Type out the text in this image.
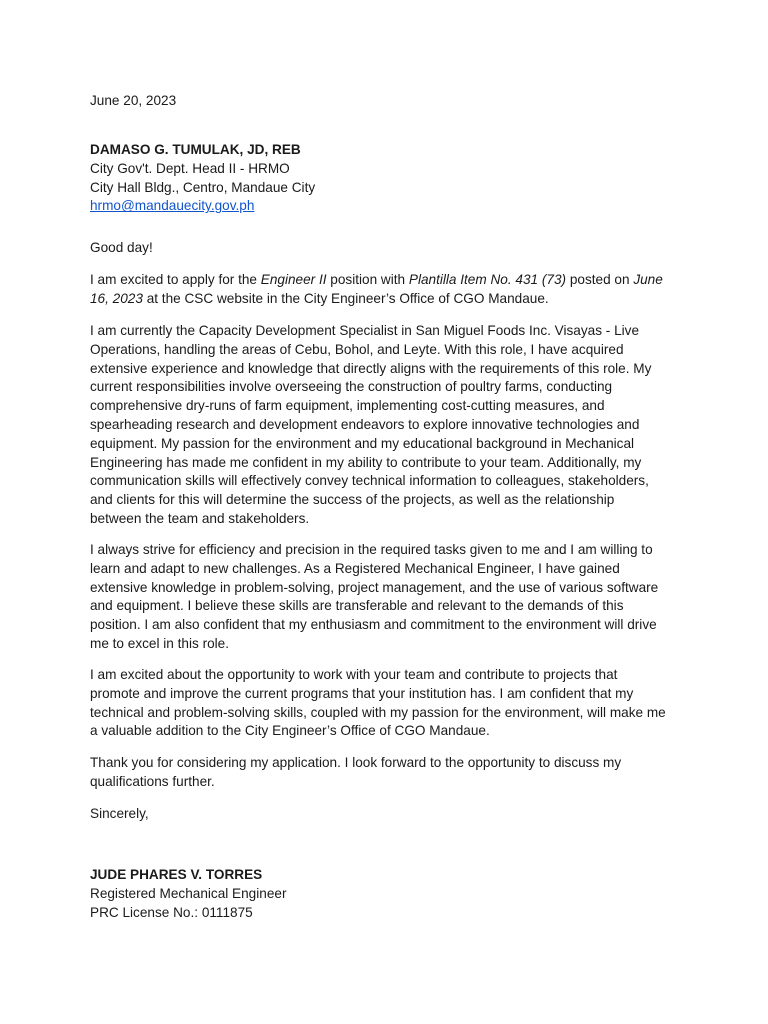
June 20, 2023
DAMASO G. TUMULAK, JD, REB
City Gov't. Dept. Head II - HRMO
City Hall Bldg., Centro, Mandaue City
hrmo@mandauecity.gov.ph
Good day!
I am excited to apply for the Engineer II position with Plantilla Item No. 431 (73) posted on June
16, 2023 at the CSC website in the City Engineer’s Office of CGO Mandaue.
I am currently the Capacity Development Specialist in San Miguel Foods Inc. Visayas - Live
Operations, handling the areas of Cebu, Bohol, and Leyte. With this role, I have acquired
extensive experience and knowledge that directly aligns with the requirements of this role. My
current responsibilities involve overseeing the construction of poultry farms, conducting
comprehensive dry-runs of farm equipment, implementing cost-cutting measures, and
spearheading research and development endeavors to explore innovative technologies and
equipment. My passion for the environment and my educational background in Mechanical
Engineering has made me confident in my ability to contribute to your team. Additionally, my
communication skills will effectively convey technical information to colleagues, stakeholders,
and clients for this will determine the success of the projects, as well as the relationship
between the team and stakeholders.
I always strive for efficiency and precision in the required tasks given to me and I am willing to
learn and adapt to new challenges. As a Registered Mechanical Engineer, I have gained
extensive knowledge in problem-solving, project management, and the use of various software
and equipment. I believe these skills are transferable and relevant to the demands of this
position. I am also confident that my enthusiasm and commitment to the environment will drive
me to excel in this role.
I am excited about the opportunity to work with your team and contribute to projects that
promote and improve the current programs that your institution has. I am confident that my
technical and problem-solving skills, coupled with my passion for the environment, will make me
a valuable addition to the City Engineer’s Office of CGO Mandaue.
Thank you for considering my application. I look forward to the opportunity to discuss my
qualifications further.
Sincerely,
JUDE PHARES V. TORRES
Registered Mechanical Engineer
PRC License No.: 0111875
